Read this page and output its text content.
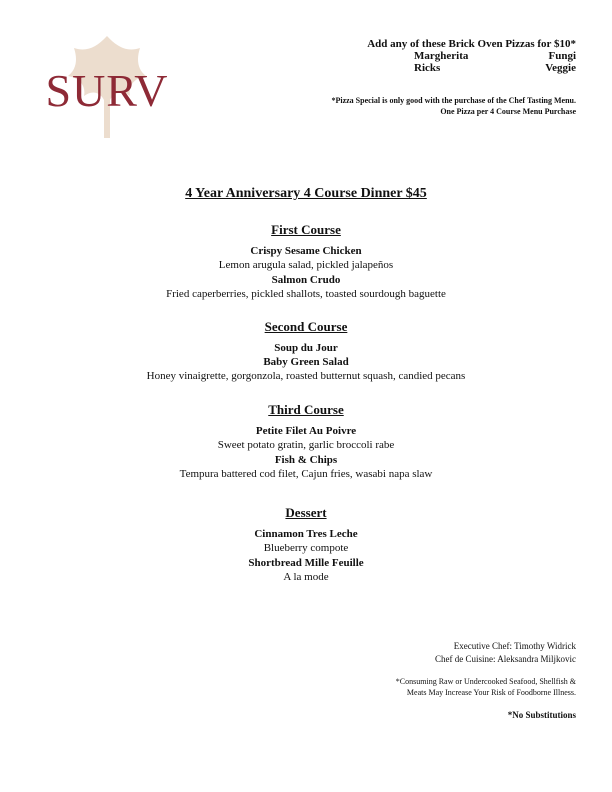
SURV
Add any of these Brick Oven Pizzas for $10*
Margherita	Fungi
Ricks	Veggie
*Pizza Special is only good with the purchase of the Chef Tasting Menu.
One Pizza per 4 Course Menu Purchase
4 Year Anniversary 4 Course Dinner $45
First Course
Crispy Sesame Chicken
Lemon arugula salad, pickled jalapeños
Salmon Crudo
Fried caperberries, pickled shallots, toasted sourdough baguette
Second Course
Soup du Jour
Baby Green Salad
Honey vinaigrette, gorgonzola, roasted butternut squash, candied pecans
Third Course
Petite Filet Au Poivre
Sweet potato gratin, garlic broccoli rabe
Fish & Chips
Tempura battered cod filet, Cajun fries, wasabi napa slaw
Dessert
Cinnamon Tres Leche
Blueberry compote
Shortbread Mille Feuille
A la mode
Executive Chef: Timothy Widrick
Chef de Cuisine: Aleksandra Miljkovic
*Consuming Raw or Undercooked Seafood, Shellfish &
Meats May Increase Your Risk of Foodborne Illness.
*No Substitutions
